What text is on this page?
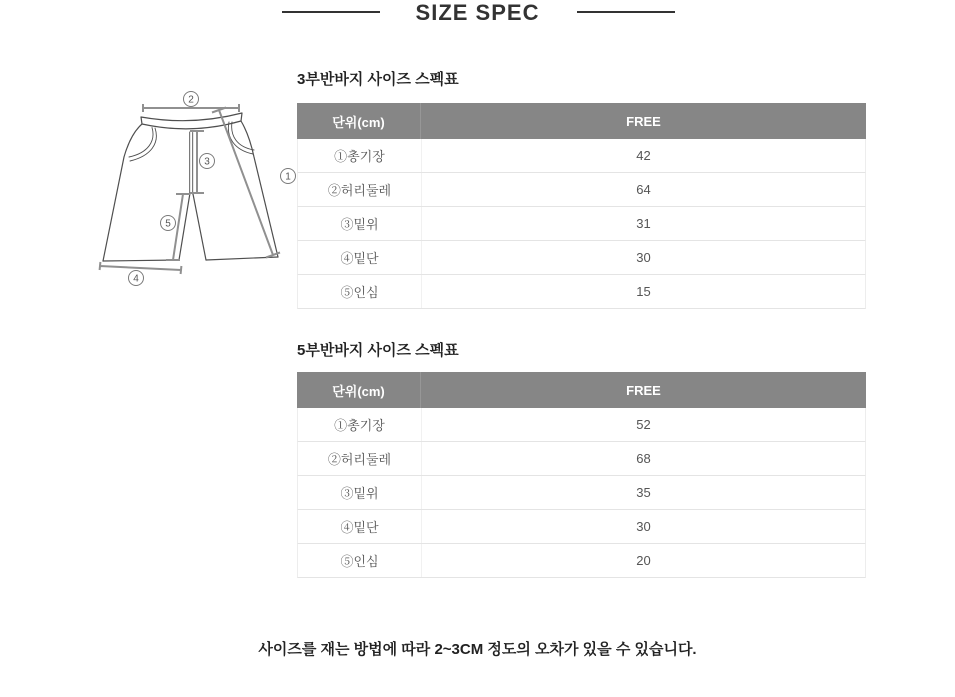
SIZE SPEC
2
1
3
5
4
3부반바지 사이즈 스펙표
단위(cm)	FREE
①총기장	42
②허리둘레	64
③밑위	31
④밑단	30
⑤인심	15
5부반바지 사이즈 스펙표
단위(cm)	FREE
①총기장	52
②허리둘레	68
③밑위	35
④밑단	30
⑤인심	20
사이즈를 재는 방법에 따라 2~3CM 정도의 오차가 있을 수 있습니다.
